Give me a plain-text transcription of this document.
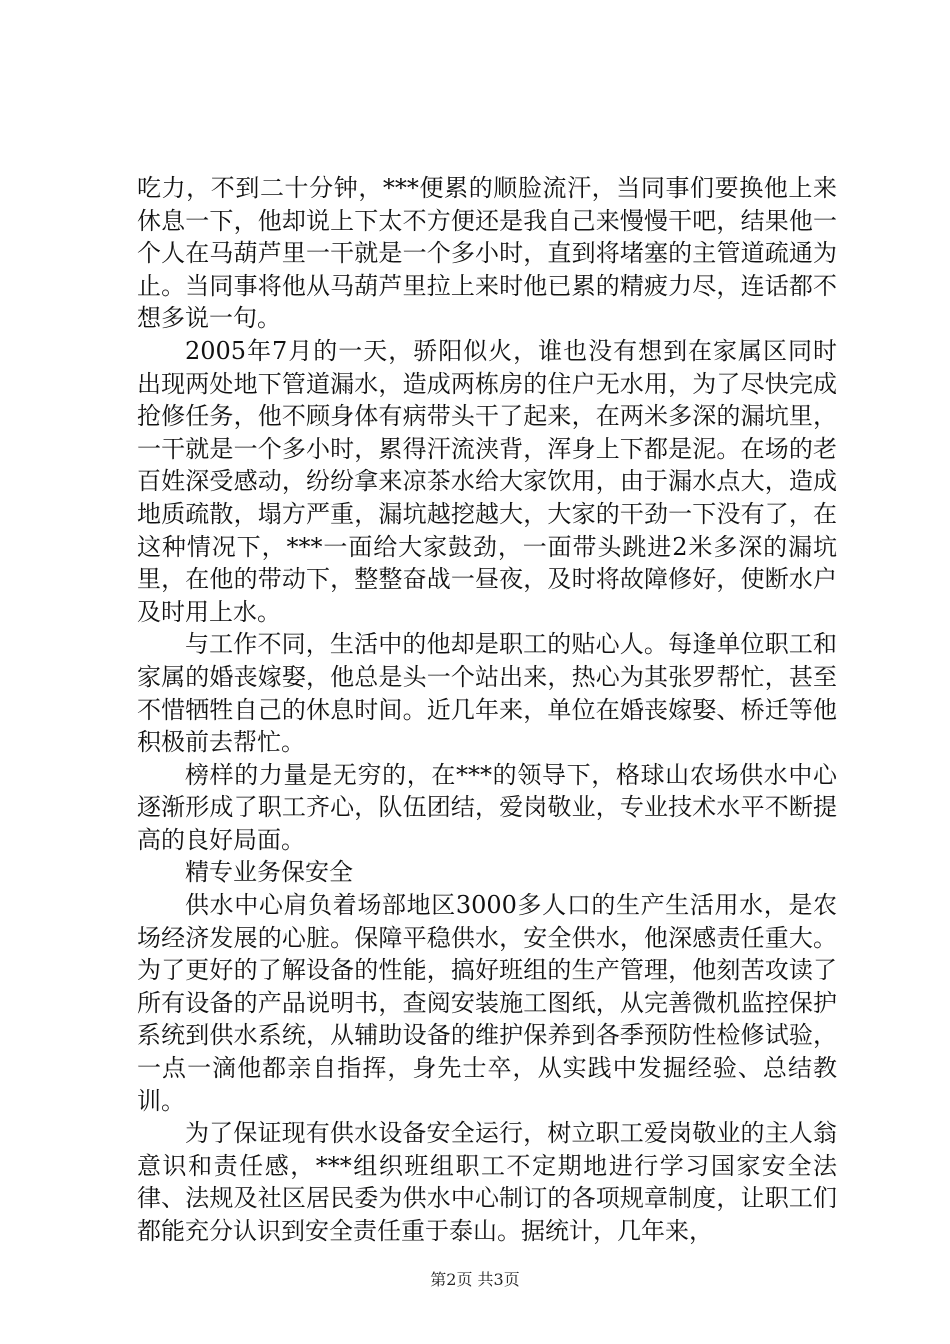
吃力，不到二十分钟，***便累的顺脸流汗，当同事们要换他上来休息一下，他却说上下太不方便还是我自己来慢慢干吧，结果他一个人在马葫芦里一干就是一个多小时，直到将堵塞的主管道疏通为止。当同事将他从马葫芦里拉上来时他已累的精疲力尽，连话都不想多说一句。

2005年7月的一天，骄阳似火，谁也没有想到在家属区同时出现两处地下管道漏水，造成两栋房的住户无水用，为了尽快完成抢修任务，他不顾身体有病带头干了起来，在两米多深的漏坑里，一干就是一个多小时，累得汗流浃背，浑身上下都是泥。在场的老百姓深受感动，纷纷拿来凉茶水给大家饮用，由于漏水点大，造成地质疏散，塌方严重，漏坑越挖越大，大家的干劲一下没有了，在这种情况下，***一面给大家鼓劲，一面带头跳进2米多深的漏坑里，在他的带动下，整整奋战一昼夜，及时将故障修好，使断水户及时用上水。

与工作不同，生活中的他却是职工的贴心人。每逢单位职工和家属的婚丧嫁娶，他总是头一个站出来，热心为其张罗帮忙，甚至不惜牺牲自己的休息时间。近几年来，单位在婚丧嫁娶、桥迁等他积极前去帮忙。

榜样的力量是无穷的，在***的领导下，格球山农场供水中心逐渐形成了职工齐心，队伍团结，爱岗敬业，专业技术水平不断提高的良好局面。

精专业务保安全

供水中心肩负着场部地区3000多人口的生产生活用水，是农场经济发展的心脏。保障平稳供水，安全供水，他深感责任重大。为了更好的了解设备的性能，搞好班组的生产管理，他刻苦攻读了所有设备的产品说明书，查阅安装施工图纸，从完善微机监控保护系统到供水系统，从辅助设备的维护保养到各季预防性检修试验，一点一滴他都亲自指挥，身先士卒，从实践中发掘经验、总结教训。

为了保证现有供水设备安全运行，树立职工爱岗敬业的主人翁意识和责任感，***组织班组职工不定期地进行学习国家安全法律、法规及社区居民委为供水中心制订的各项规章制度，让职工们都能充分认识到安全责任重于泰山。据统计，几年来，

第2页 共3页
